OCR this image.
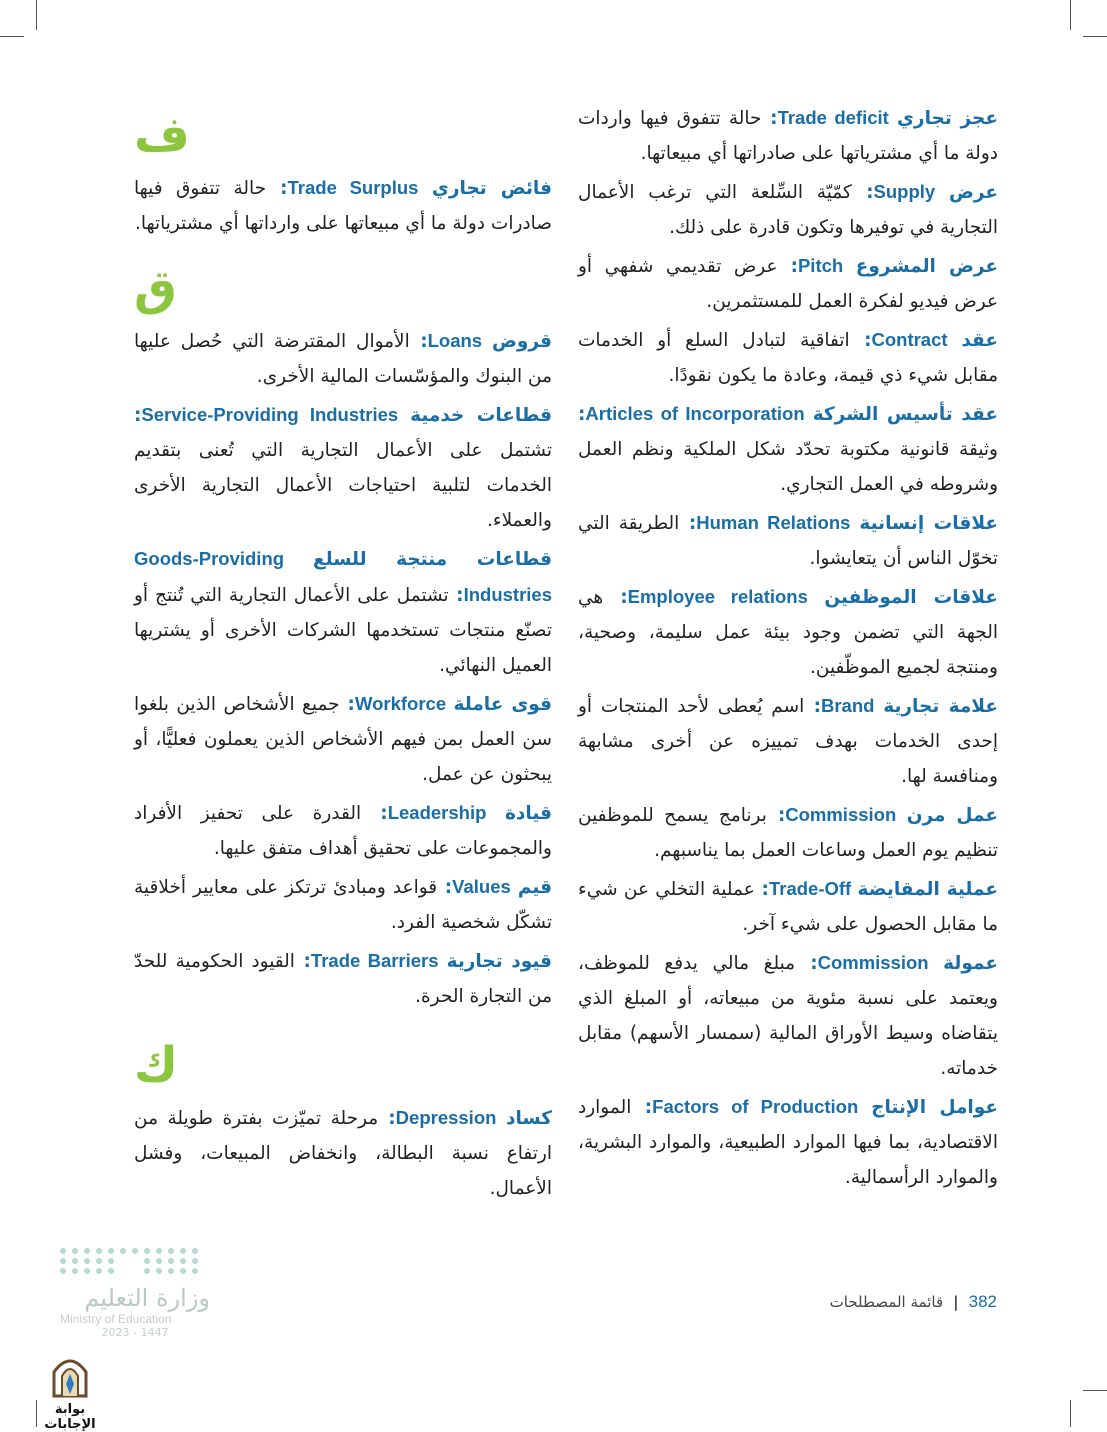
عجز تجاري Trade deficit: حالة تتفوق فيها واردات دولة ما أي مشترياتها على صادراتها أي مبيعاتها.

عرض Supply: كمّيّة السِّلعة التي ترغب الأعمال التجارية في توفيرها وتكون قادرة على ذلك.

عرض المشروع Pitch: عرض تقديمي شفهي أو عرض فيديو لفكرة العمل للمستثمرين.

عقد Contract: اتفاقية لتبادل السلع أو الخدمات مقابل شيء ذي قيمة، وعادة ما يكون نقودًا.

عقد تأسيس الشركة Articles of Incorporation: وثيقة قانونية مكتوبة تحدّد شكل الملكية ونظم العمل وشروطه في العمل التجاري.

علاقات إنسانية Human Relations: الطريقة التي تخوّل الناس أن يتعايشوا.

علاقات الموظفين Employee relations: هي الجهة التي تضمن وجود بيئة عمل سليمة، وصحية، ومنتجة لجميع الموظّفين.

علامة تجارية Brand: اسم يُعطى لأحد المنتجات أو إحدى الخدمات بهدف تمييزه عن أخرى مشابهة ومنافسة لها.

عمل مرن Commission: برنامج يسمح للموظفين تنظيم يوم العمل وساعات العمل بما يناسبهم.

عملية المقايضة Trade-Off: عملية التخلي عن شيء ما مقابل الحصول على شيء آخر.

عمولة Commission: مبلغ مالي يدفع للموظف، ويعتمد على نسبة مئوية من مبيعاته، أو المبلغ الذي يتقاضاه وسيط الأوراق المالية (سمسار الأسهم) مقابل خدماته.

عوامل الإنتاج Factors of Production: الموارد الاقتصادية، بما فيها الموارد الطبيعية، والموارد البشرية، والموارد الرأسمالية.

ف

فائض تجاري Trade Surplus: حالة تتفوق فيها صادرات دولة ما أي مبيعاتها على وارداتها أي مشترياتها.

ق

قروض Loans: الأموال المقترضة التي حُصل عليها من البنوك والمؤسّسات المالية الأخرى.

قطاعات خدمية Service-Providing Industries: تشتمل على الأعمال التجارية التي تُعنى بتقديم الخدمات لتلبية احتياجات الأعمال التجارية الأخرى والعملاء.

قطاعات منتجة للسلع Goods-Providing Industries: تشتمل على الأعمال التجارية التي تُنتج أو تصنّع منتجات تستخدمها الشركات الأخرى أو يشتريها العميل النهائي.

قوى عاملة Workforce: جميع الأشخاص الذين بلغوا سن العمل بمن فيهم الأشخاص الذين يعملون فعليًّا، أو يبحثون عن عمل.

قيادة Leadership: القدرة على تحفيز الأفراد والمجموعات على تحقيق أهداف متفق عليها.

قيم Values: قواعد ومبادئ ترتكز على معايير أخلاقية تشكّل شخصية الفرد.

قيود تجارية Trade Barriers: القيود الحكومية للحدّ من التجارة الحرة.

ك

كساد Depression: مرحلة تميّزت بفترة طويلة من ارتفاع نسبة البطالة، وانخفاض المبيعات، وفشل الأعمال.

382  |  قائمة المصطلحات
وزارة التعليم
Ministry of Education
2023 - 1447
بوابة الإجابات
